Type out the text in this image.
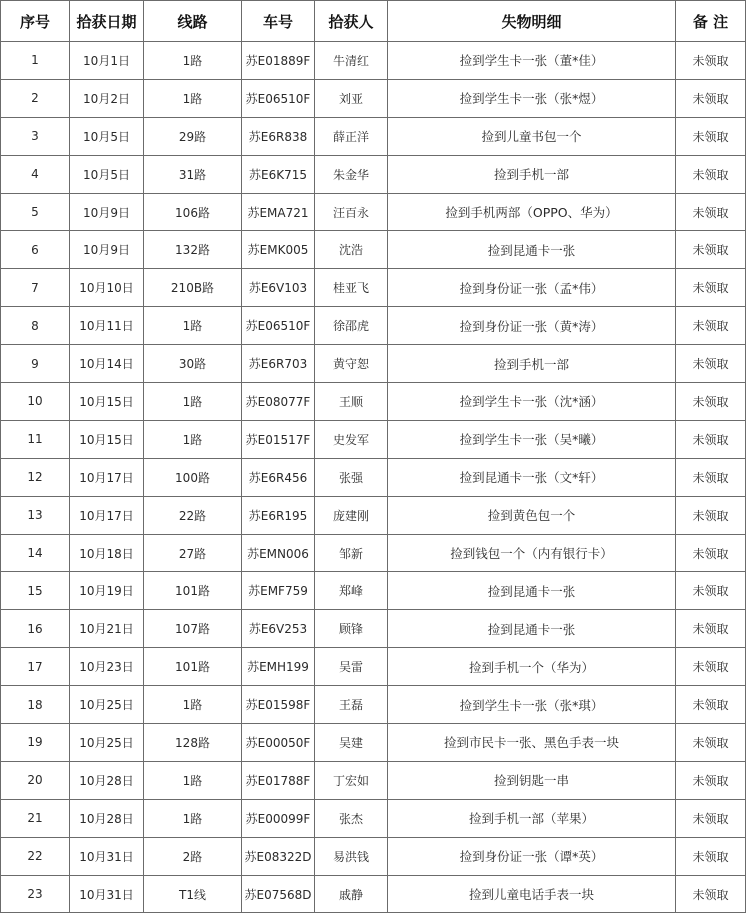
序号	拾获日期	线路	车号	拾获人	失物明细	备 注
1	10月1日	1路	苏E01889F	牛清红	捡到学生卡一张（董*佳）	未领取
2	10月2日	1路	苏E06510F	刘亚	捡到学生卡一张（张*煜）	未领取
3	10月5日	29路	苏E6R838	薛正洋	捡到儿童书包一个	未领取
4	10月5日	31路	苏E6K715	朱金华	捡到手机一部	未领取
5	10月9日	106路	苏EMA721	汪百永	捡到手机两部（OPPO、华为）	未领取
6	10月9日	132路	苏EMK005	沈浩	捡到昆通卡一张	未领取
7	10月10日	210B路	苏E6V103	桂亚飞	捡到身份证一张（孟*伟）	未领取
8	10月11日	1路	苏E06510F	徐邵虎	捡到身份证一张（黄*涛）	未领取
9	10月14日	30路	苏E6R703	黄守恕	捡到手机一部	未领取
10	10月15日	1路	苏E08077F	王顺	捡到学生卡一张（沈*涵）	未领取
11	10月15日	1路	苏E01517F	史发军	捡到学生卡一张（吴*曦）	未领取
12	10月17日	100路	苏E6R456	张强	捡到昆通卡一张（文*轩）	未领取
13	10月17日	22路	苏E6R195	庞建刚	捡到黄色包一个	未领取
14	10月18日	27路	苏EMN006	邹新	捡到钱包一个（内有银行卡）	未领取
15	10月19日	101路	苏EMF759	郑峰	捡到昆通卡一张	未领取
16	10月21日	107路	苏E6V253	顾锋	捡到昆通卡一张	未领取
17	10月23日	101路	苏EMH199	吴雷	捡到手机一个（华为）	未领取
18	10月25日	1路	苏E01598F	王磊	捡到学生卡一张（张*琪）	未领取
19	10月25日	128路	苏E00050F	吴建	捡到市民卡一张、黑色手表一块	未领取
20	10月28日	1路	苏E01788F	丁宏如	捡到钥匙一串	未领取
21	10月28日	1路	苏E00099F	张杰	捡到手机一部（苹果）	未领取
22	10月31日	2路	苏E08322D	易洪钱	捡到身份证一张（谭*英）	未领取
23	10月31日	T1线	苏E07568D	戚静	捡到儿童电话手表一块	未领取
